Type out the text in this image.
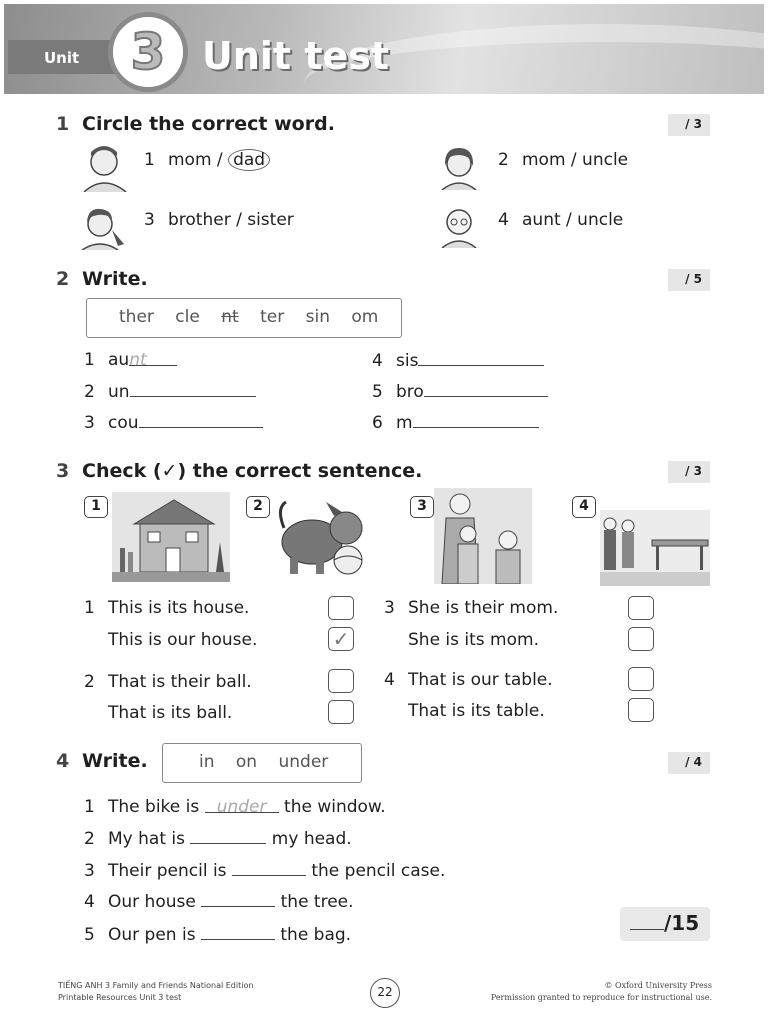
Unit	3 Unit test
1 Circle the correct word.	/ 3
1 mom / dad	2 mom / uncle
3 brother / sister	4 aunt / uncle
2 Write.	/ 5
ther cle nt ter sin om
1 aunt
2 un
3 cou
4 sis
5 bro
6 m
3 Check (✓) the correct sentence.	/ 3
1	2	3	4
1 This is its house.
This is our house.	✓
2 That is their ball.
That is its ball.
3 She is their mom.
She is its mom.
4 That is our table.
That is its table.
4 Write.	in on under	/ 4
1 The bike is under the window.
2 My hat is	my head.
3 Their pencil is	the pencil case.
4 Our house	the tree.
5 Our pen is	the bag.	/15
TIẾNG ANH 3 Family and Friends National Edition
Printable Resources Unit 3 test	22	© Oxford University Press
Permission granted to reproduce for instructional use.
